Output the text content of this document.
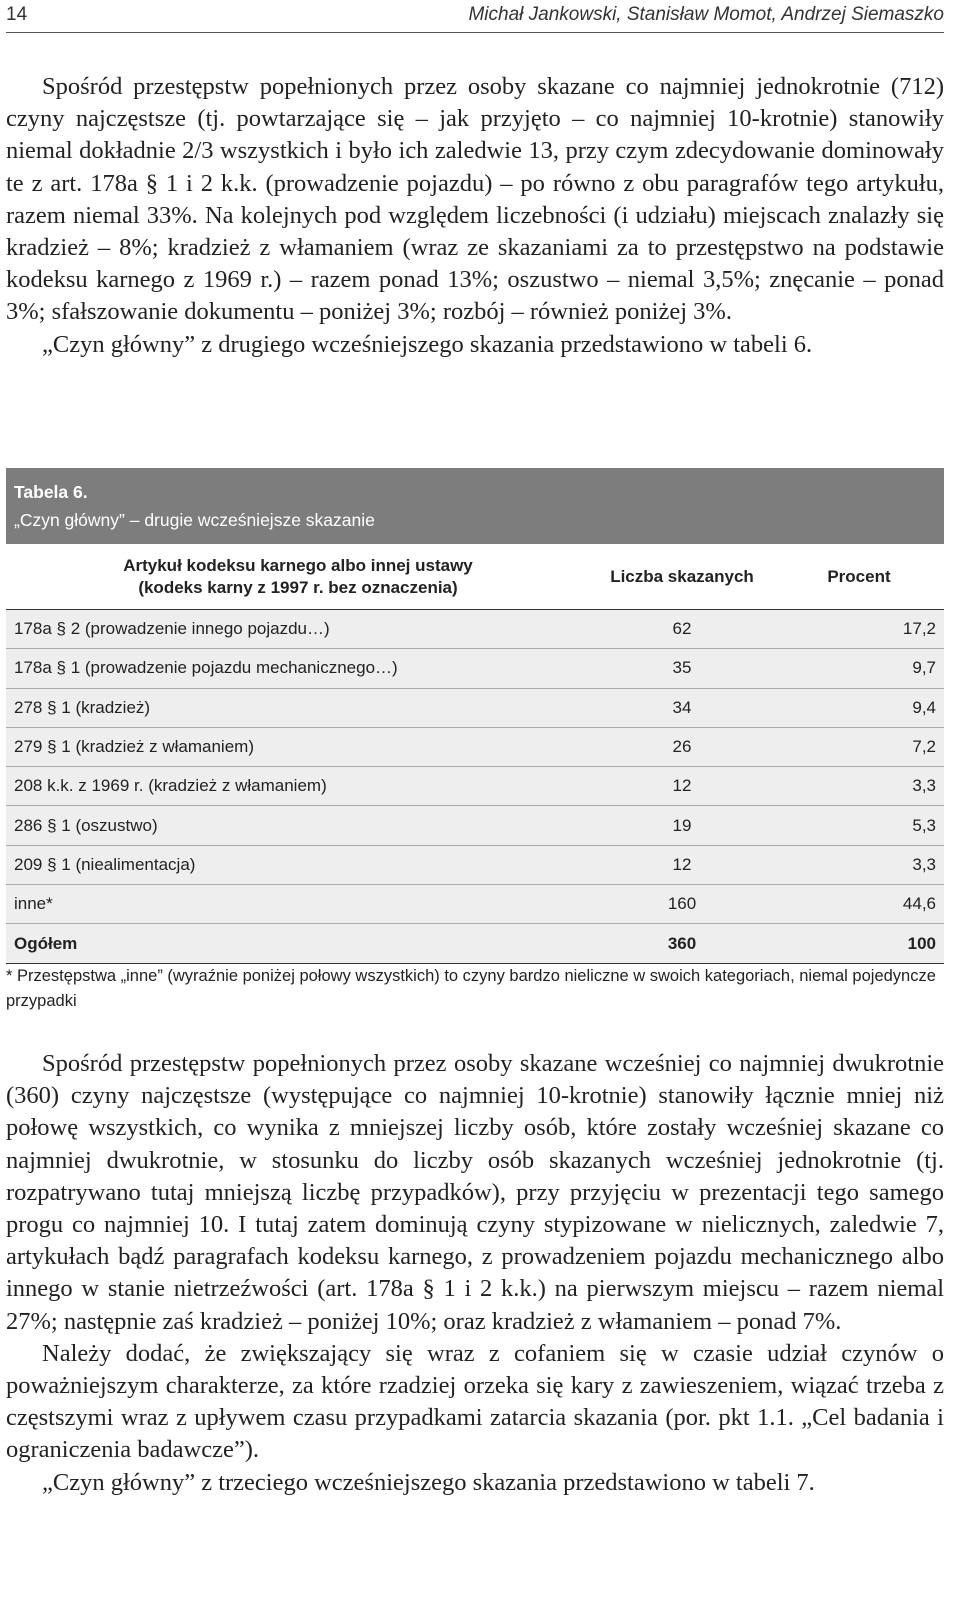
14	Michał Jankowski, Stanisław Momot, Andrzej Siemaszko

Spośród przestępstw popełnionych przez osoby skazane co najmniej jednokrotnie (712) czyny najczęstsze (tj. powtarzające się – jak przyjęto – co najmniej 10-krotnie) stanowiły niemal dokładnie 2/3 wszystkich i było ich zaledwie 13, przy czym zdecydowanie dominowały te z art. 178a § 1 i 2 k.k. (prowadzenie pojazdu) – po równo z obu paragrafów tego artykułu, razem niemal 33%. Na kolejnych pod względem liczebności (i udziału) miejscach znalazły się kradzież – 8%; kradzież z włamaniem (wraz ze skazaniami za to przestępstwo na podstawie kodeksu karnego z 1969 r.) – razem ponad 13%; oszustwo – niemal 3,5%; znęcanie – ponad 3%; sfałszowanie dokumentu – poniżej 3%; rozbój – również poniżej 3%.

„Czyn główny” z drugiego wcześniejszego skazania przedstawiono w tabeli 6.

Tabela 6.
„Czyn główny” – drugie wcześniejsze skazanie
Artykuł kodeksu karnego albo innej ustawy
(kodeks karny z 1997 r. bez oznaczenia)	Liczba skazanych	Procent
178a § 2 (prowadzenie innego pojazdu…)	62	17,2
178a § 1 (prowadzenie pojazdu mechanicznego…)	35	9,7
278 § 1 (kradzież)	34	9,4
279 § 1 (kradzież z włamaniem)	26	7,2
208 k.k. z 1969 r. (kradzież z włamaniem)	12	3,3
286 § 1 (oszustwo)	19	5,3
209 § 1 (niealimentacja)	12	3,3
inne*	160	44,6
Ogółem	360	100
* Przestępstwa „inne” (wyraźnie poniżej połowy wszystkich) to czyny bardzo nieliczne w swoich kategoriach, niemal pojedyncze przypadki

Spośród przestępstw popełnionych przez osoby skazane wcześniej co najmniej dwukrotnie (360) czyny najczęstsze (występujące co najmniej 10-krotnie) stanowiły łącznie mniej niż połowę wszystkich, co wynika z mniejszej liczby osób, które zostały wcześniej skazane co najmniej dwukrotnie, w stosunku do liczby osób skazanych wcześniej jednokrotnie (tj. rozpatrywano tutaj mniejszą liczbę przypadków), przy przyjęciu w prezentacji tego samego progu co najmniej 10. I tutaj zatem dominują czyny stypizowane w nielicznych, zaledwie 7, artykułach bądź paragrafach kodeksu karnego, z prowadzeniem pojazdu mechanicznego albo innego w stanie nietrzeźwości (art. 178a § 1 i 2 k.k.) na pierwszym miejscu – razem niemal 27%; następnie zaś kradzież – poniżej 10%; oraz kradzież z włamaniem – ponad 7%.

Należy dodać, że zwiększający się wraz z cofaniem się w czasie udział czynów o poważniejszym charakterze, za które rzadziej orzeka się kary z zawieszeniem, wiązać trzeba z częstszymi wraz z upływem czasu przypadkami zatarcia skazania (por. pkt 1.1. „Cel badania i ograniczenia badawcze”).

„Czyn główny” z trzeciego wcześniejszego skazania przedstawiono w tabeli 7.
